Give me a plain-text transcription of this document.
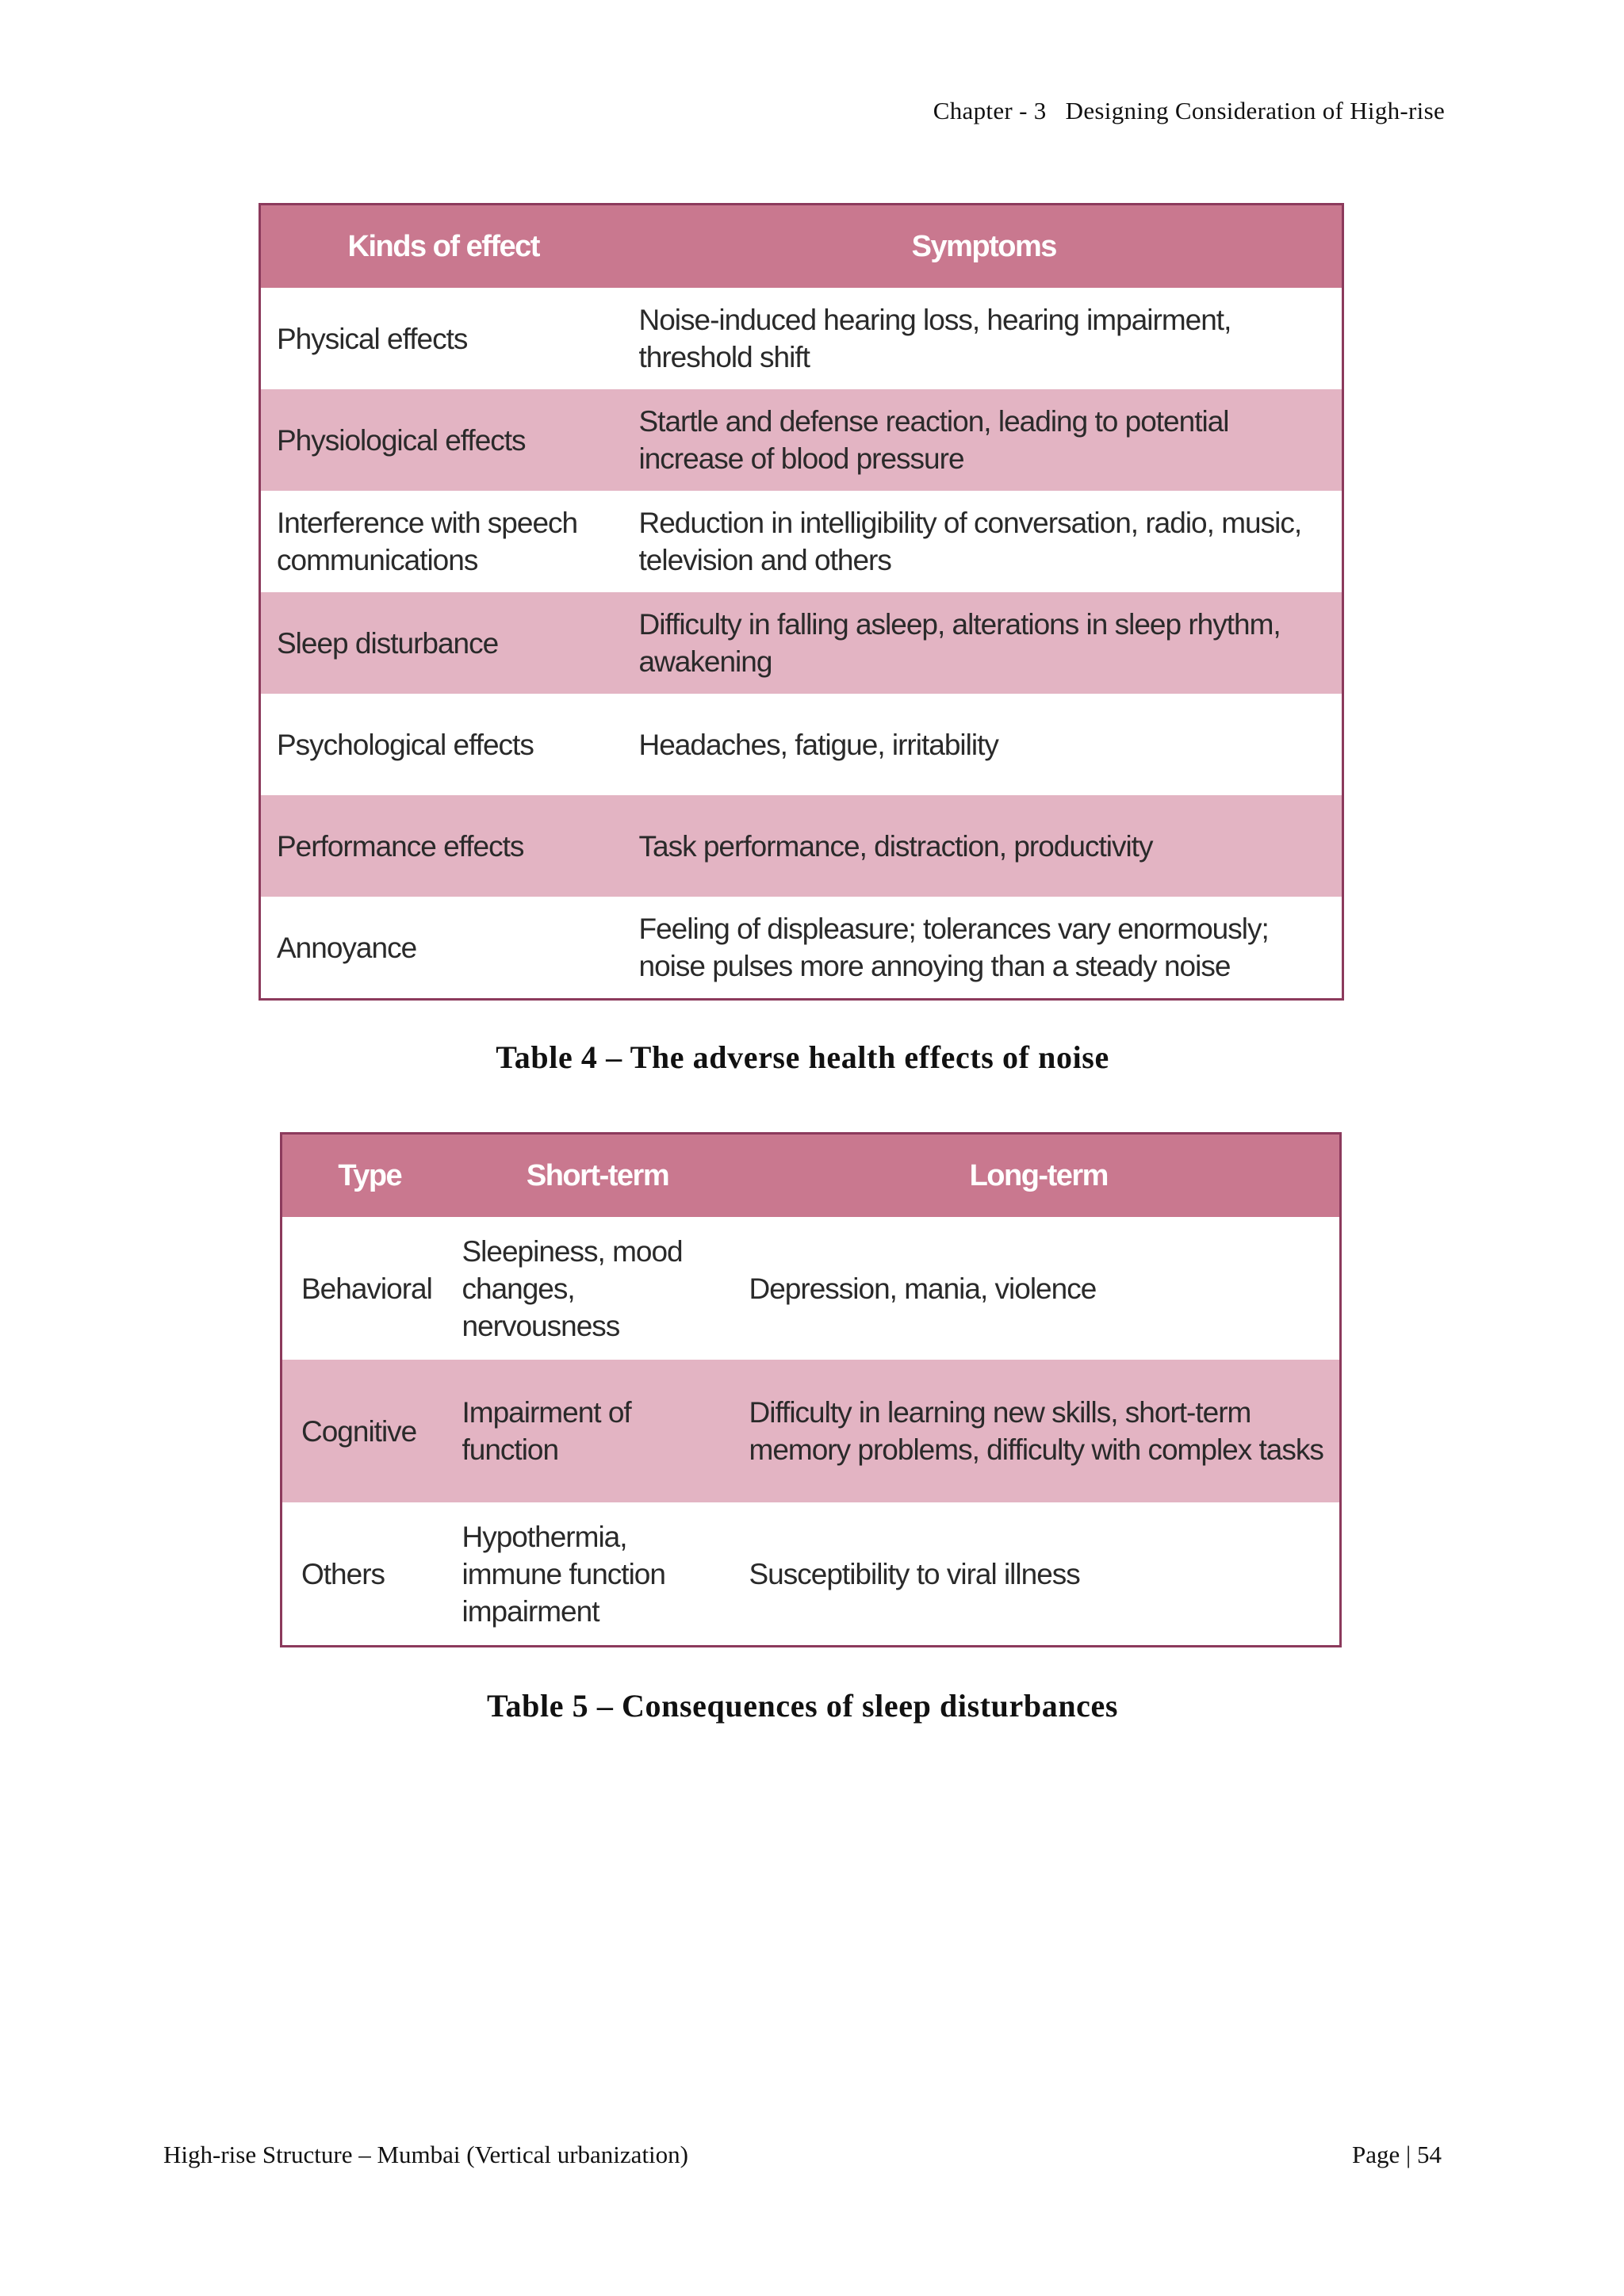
Chapter - 3   Designing Consideration of High-rise
Kinds of effect	Symptoms
Physical effects	Noise-induced hearing loss, hearing impairment, threshold shift
Physiological effects	Startle and defense reaction, leading to potential increase of blood pressure
Interference with speech communications	Reduction in intelligibility of conversation, radio, music, television and others
Sleep disturbance	Difficulty in falling asleep, alterations in sleep rhythm, awakening
Psychological effects	Headaches, fatigue, irritability
Performance effects	Task performance, distraction, productivity
Annoyance	Feeling of displeasure; tolerances vary enormously; noise pulses more annoying than a steady noise
Table 4 – The adverse health effects of noise
Type	Short-term	Long-term
Behavioral	Sleepiness, mood changes, nervousness	Depression, mania, violence
Cognitive	Impairment of function	Difficulty in learning new skills, short-term memory problems, difficulty with complex tasks
Others	Hypothermia, immune function impairment	Susceptibility to viral illness
Table 5 – Consequences of sleep disturbances
High-rise Structure – Mumbai (Vertical urbanization)	Page | 54
